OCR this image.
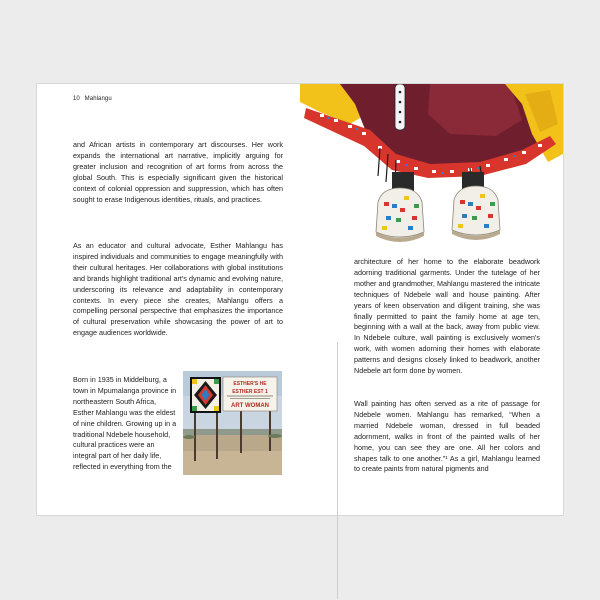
10 Mahlangu

and African artists in contemporary art discourses. Her work expands the international art narrative, implicitly arguing for greater inclusion and recognition of art forms from across the global South. This is especially significant given the historical context of colonial oppression and suppression, which has often sought to erase Indigenous identities, rituals, and practices.

As an educator and cultural advocate, Esther Mahlangu has inspired individuals and communities to engage meaningfully with their cultural heritages. Her collaborations with global institutions and brands highlight traditional art's dynamic and evolving nature, underscoring its relevance and adaptability in contemporary contexts. In every piece she creates, Mahlangu offers a compelling personal perspective that emphasizes the importance of cultural preservation while showcasing the power of art to engage audiences worldwide.

Born in 1935 in Middelburg, a town in Mpumalanga province in northeastern South Africa, Esther Mahlangu was the eldest of nine children. Growing up in a traditional Ndebele household, cultural practices were an integral part of her daily life, reflected in everything from the

ESTHER'S HE
ESTHER EST 1
ART WOMAN

architecture of her home to the elaborate beadwork adorning traditional garments. Under the tutelage of her mother and grandmother, Mahlangu mastered the intricate techniques of Ndebele wall and house painting. After years of keen observation and diligent training, she was finally permitted to paint the family home at age ten, beginning with a wall at the back, away from public view. In Ndebele culture, wall painting is exclusively women's work, with women adorning their homes with elaborate patterns and designs closely linked to beadwork, another Ndebele art form done by women.

Wall painting has often served as a rite of passage for Ndebele women. Mahlangu has remarked, “When a married Ndebele woman, dressed in full beaded adornment, walks in front of the painted walls of her home, you can see they are one. All her colors and shapes talk to one another.”¹ As a girl, Mahlangu learned to create paints from natural pigments and
